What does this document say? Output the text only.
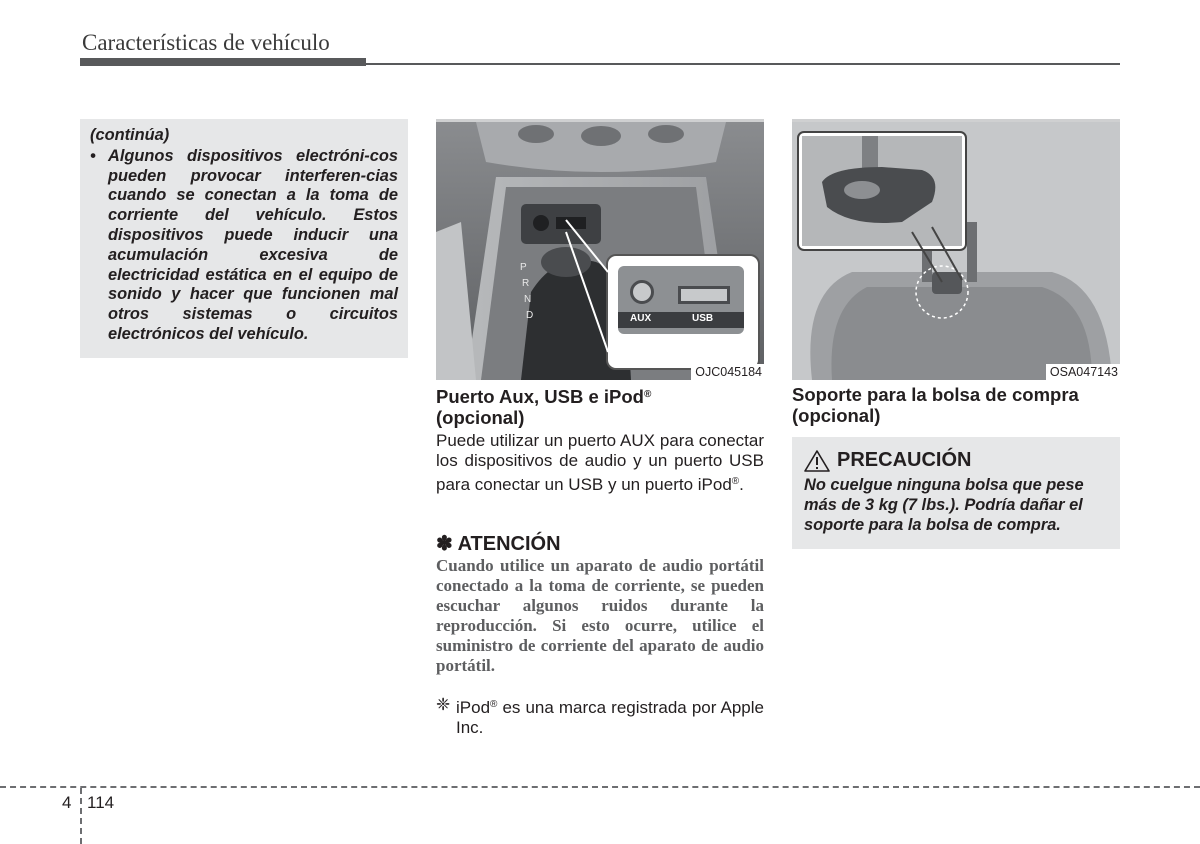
Características de vehículo
(continúa)
• Algunos dispositivos electróni-cos pueden provocar interferen-cias cuando se conectan a la toma de corriente del vehículo. Estos dispositivos puede inducir una acumulación excesiva de electricidad estática en el equipo de sonido y hacer que funcionen mal otros sistemas o circuitos electrónicos del vehículo.
P
R
N
D	AUX	USB
OJC045184	OSA047143
Puerto Aux, USB e iPod®
(opcional)
Puede utilizar un puerto AUX para conectar los dispositivos de audio y un puerto USB para conectar un USB y un puerto iPod®.
✽ ATENCIÓN
Cuando utilice un aparato de audio portátil conectado a la toma de corriente, se pueden escuchar algunos ruidos durante la reproducción. Si esto ocurre, utilice el suministro de corriente del aparato de audio portátil.
❈ iPod® es una marca registrada por Apple Inc.
Soporte para la bolsa de compra (opcional)
PRECAUCIÓN
No cuelgue ninguna bolsa que pese más de 3 kg (7 lbs.). Podría dañar el soporte para la bolsa de compra.
4 114
